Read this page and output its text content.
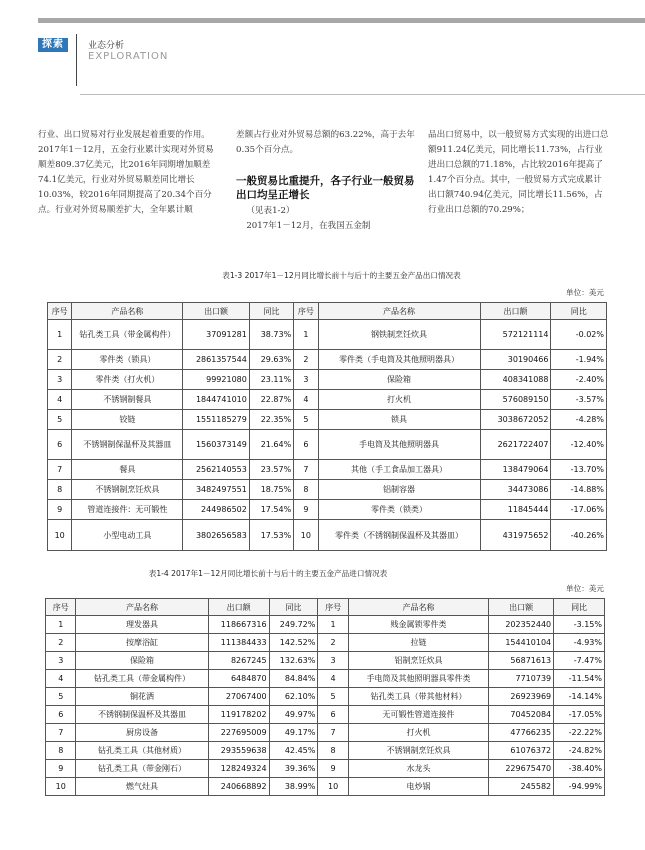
探索	业态分析
EXPLORATION

行业、出口贸易对行业发展起着重要的作用。2017年1－12月，五金行业累计实现对外贸易顺差809.37亿美元，比2016年同期增加顺差74.1亿美元，行业对外贸易顺差同比增长10.03%，较2016年同期提高了20.34个百分点。行业对外贸易顺差扩大，全年累计顺

差额占行业对外贸易总额的63.22%，高于去年0.35个百分点。

一般贸易比重提升，各子行业一般贸易出口均呈正增长

（见表1-2）

2017年1－12月，在我国五金制

品出口贸易中，以一般贸易方式实现的出进口总额911.24亿美元，同比增长11.73%，占行业进出口总额的71.18%，占比较2016年提高了1.47个百分点。其中，一般贸易方式完成累计出口额740.94亿美元，同比增长11.56%，占行业出口总额的70.29%；

表1-3 2017年1－12月同比增长前十与后十的主要五金产品出口情况表
单位：美元
序号	产品名称	出口额	同比	序号	产品名称	出口额	同比
1	钻孔类工具（带金属构件）	37091281	38.73%	1	钢铁制烹饪炊具	572121114	-0.02%
2	零件类（锁具）	2861357544	29.63%	2	零件类（手电筒及其他照明器具）	30190466	-1.94%
3	零件类（打火机）	99921080	23.11%	3	保险箱	408341088	-2.40%
4	不锈钢制餐具	1844741010	22.87%	4	打火机	576089150	-3.57%
5	铰链	1551185279	22.35%	5	锁具	3038672052	-4.28%
6	不锈钢制保温杯及其器皿	1560373149	21.64%	6	手电筒及其他照明器具	2621722407	-12.40%
7	餐具	2562140553	23.57%	7	其他（手工食品加工器具）	138479064	-13.70%
8	不锈钢制烹饪炊具	3482497551	18.75%	8	铝制容器	34473086	-14.88%
9	管道连接件：无可锻性	244986502	17.54%	9	零件类（锁类）	11845444	-17.06%
10	小型电动工具	3802656583	17.53%	10	零件类（不锈钢制保温杯及其器皿）	431975652	-40.26%
表1-4 2017年1－12月同比增长前十与后十的主要五金产品进口情况表
单位：美元
序号	产品名称	出口额	同比	序号	产品名称	出口额	同比
1	理发器具	118667316	249.72%	1	贱金属锁零件类	202352440	-3.15%
2	按摩浴缸	111384433	142.52%	2	拉链	154410104	-4.93%
3	保险箱	8267245	132.63%	3	铝制烹饪炊具	56871613	-7.47%
4	钻孔类工具（带金属构件）	6484870	84.84%	4	手电筒及其他照明器具零件类	7710739	-11.54%
5	铜花洒	27067400	62.10%	5	钻孔类工具（带其他材料）	26923969	-14.14%
6	不锈钢制保温杯及其器皿	119178202	49.97%	6	无可锻性管道连接件	70452084	-17.05%
7	厨房设备	227695009	49.17%	7	打火机	47766235	-22.22%
8	钻孔类工具（其他材质）	293559638	42.45%	8	不锈钢制烹饪炊具	61076372	-24.82%
9	钻孔类工具（带金刚石）	128249324	39.36%	9	水龙头	229675470	-38.40%
10	燃气灶具	240668892	38.99%	10	电炒锅	245582	-94.99%
